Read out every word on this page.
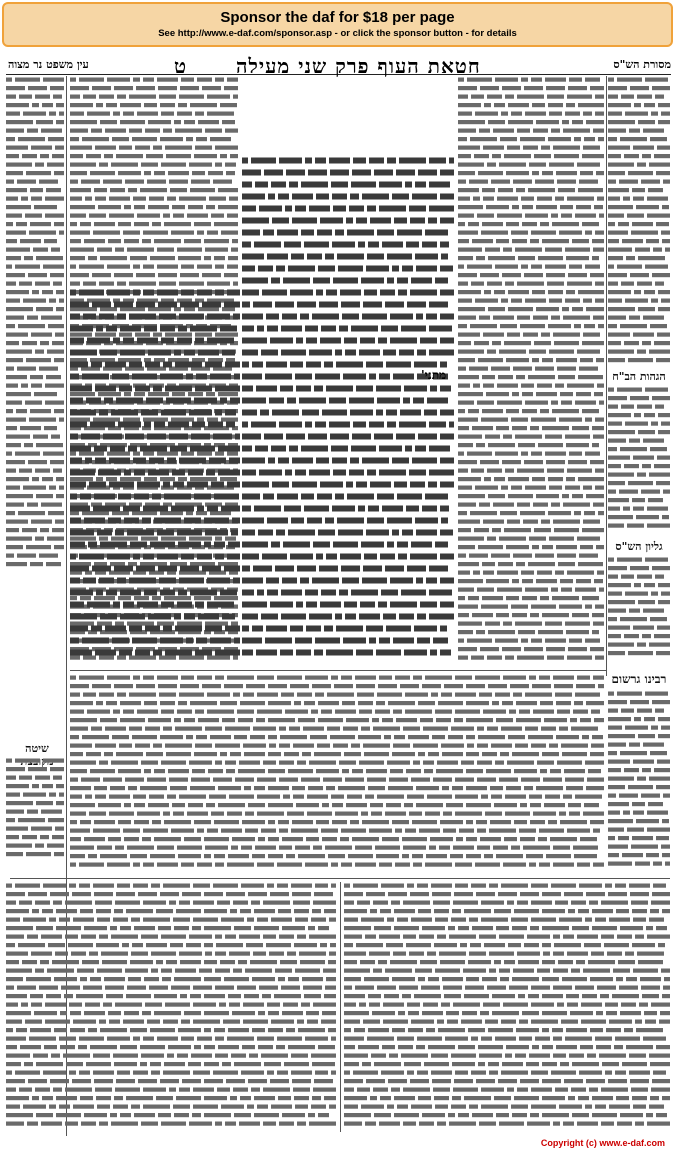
Sponsor the daf for $18 per page
See http://www.e-daf.com/sponsor.asp - or click the sponsor button - for details
עין משפט נר מצוה	ט חטאת העוף פרק שני מעילה	מסורת הש"ס
שיטה
מתני'	הגהות הב"ח
גליון הש"ס
רבינו גרשום
Copyright (c) www.e-daf.com
